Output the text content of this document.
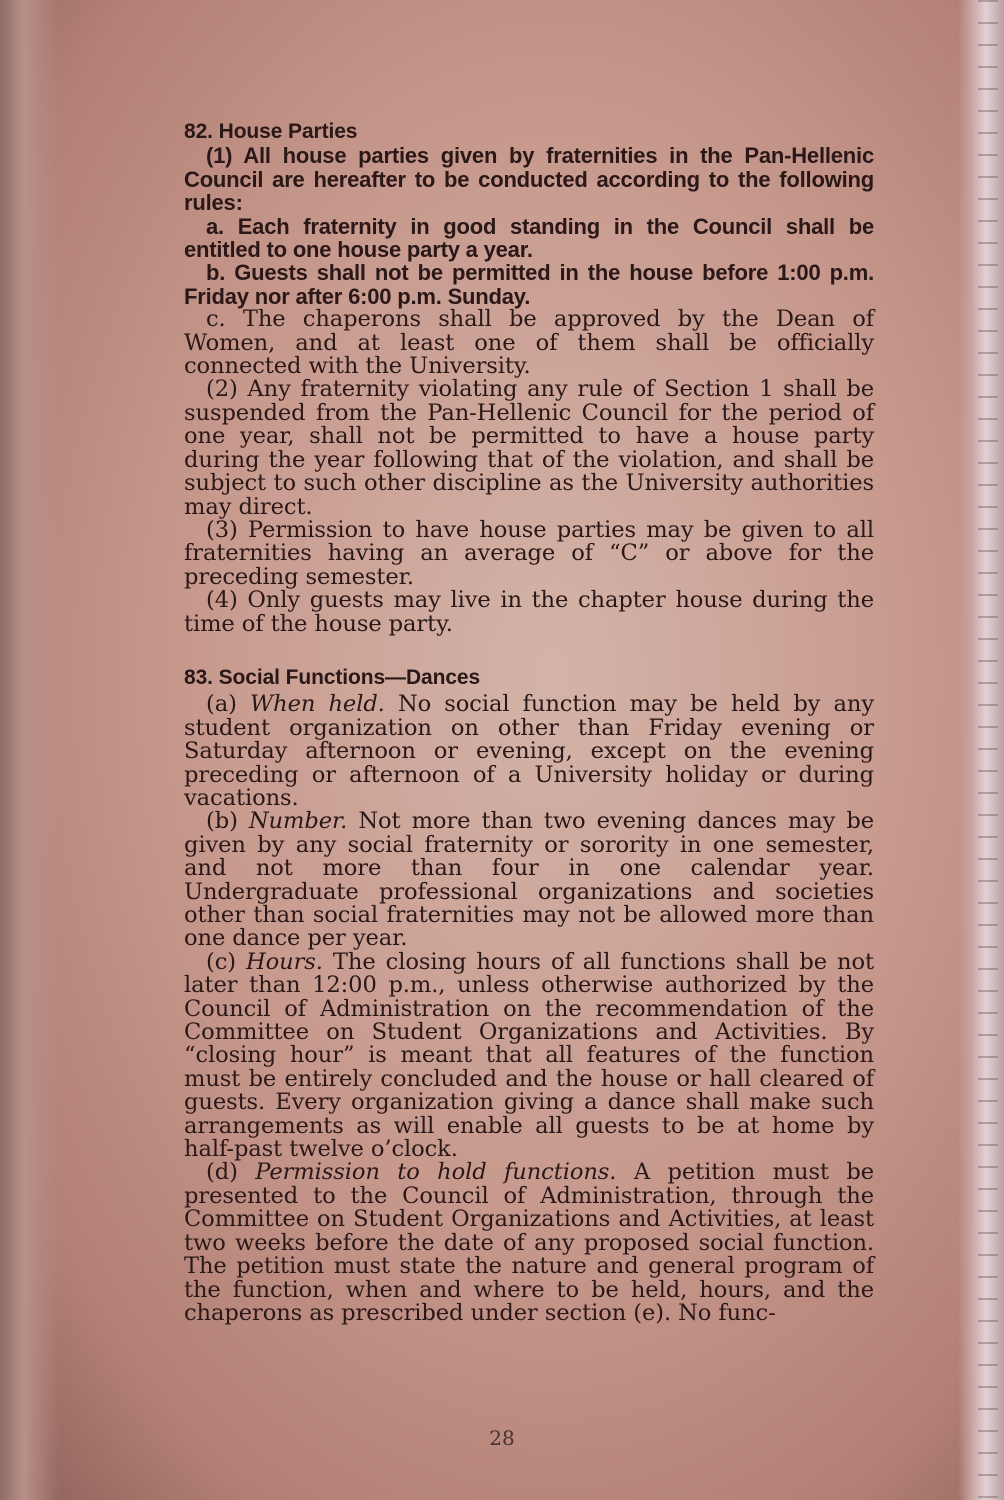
82. House Parties

(1) All house parties given by fraternities in the Pan-Hellenic Council are hereafter to be conducted according to the following rules:

a. Each fraternity in good standing in the Council shall be entitled to one house party a year.

b. Guests shall not be permitted in the house before 1:00 p.m. Friday nor after 6:00 p.m. Sunday.

c. The chaperons shall be approved by the Dean of Women, and at least one of them shall be officially connected with the University.

(2) Any fraternity violating any rule of Section 1 shall be suspended from the Pan-Hellenic Council for the period of one year, shall not be permitted to have a house party during the year following that of the violation, and shall be subject to such other discipline as the University authorities may direct.

(3) Permission to have house parties may be given to all fraternities having an average of “C” or above for the preceding semester.

(4) Only guests may live in the chapter house during the time of the house party.

83. Social Functions—Dances

(a) When held. No social function may be held by any student organization on other than Friday evening or Saturday afternoon or evening, except on the evening preceding or afternoon of a University holiday or during vacations.

(b) Number. Not more than two evening dances may be given by any social fraternity or sorority in one semester, and not more than four in one calendar year. Undergraduate professional organizations and societies other than social fraternities may not be allowed more than one dance per year.

(c) Hours. The closing hours of all functions shall be not later than 12:00 p.m., unless otherwise authorized by the Council of Administration on the recommendation of the Committee on Student Organizations and Activities. By “closing hour” is meant that all features of the function must be entirely concluded and the house or hall cleared of guests. Every organization giving a dance shall make such arrangements as will enable all guests to be at home by half-past twelve o’clock.

(d) Permission to hold functions. A petition must be presented to the Council of Administration, through the Committee on Student Organizations and Activities, at least two weeks before the date of any proposed social function. The petition must state the nature and general program of the function, when and where to be held, hours, and the chaperons as prescribed under section (e). No func-

28
